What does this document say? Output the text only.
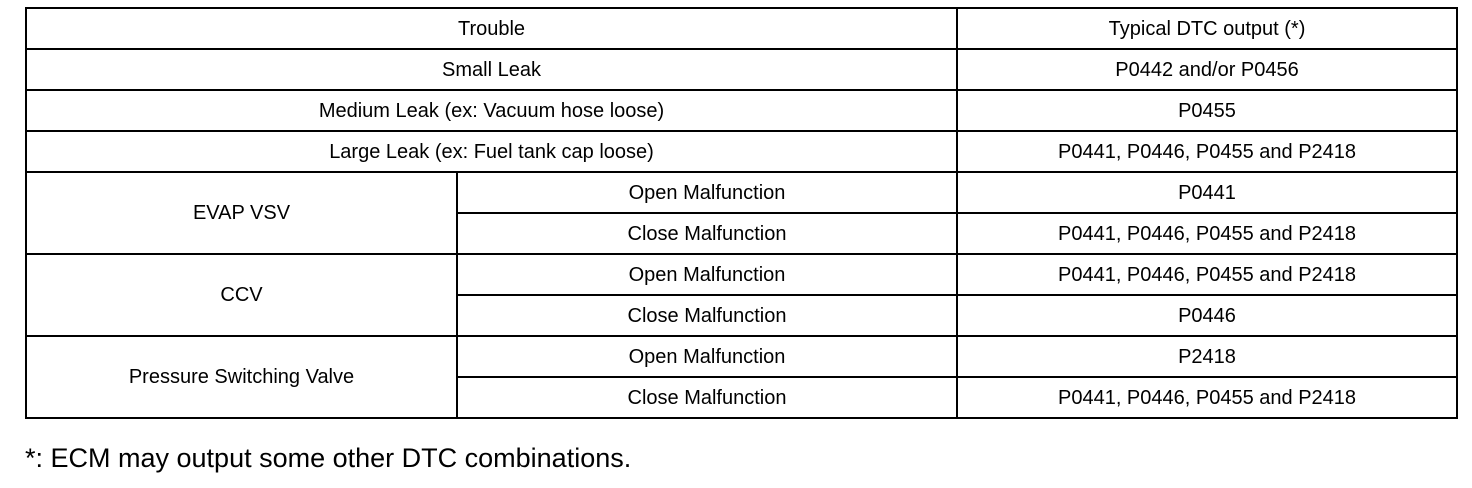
Trouble		Typical DTC output (*)
Small Leak		P0442 and/or P0456
Medium Leak (ex: Vacuum hose loose)		P0455
Large Leak (ex: Fuel tank cap loose)		P0441, P0446, P0455 and P2418
EVAP VSV	Open Malfunction	P0441
	Close Malfunction	P0441, P0446, P0455 and P2418
CCV	Open Malfunction	P0441, P0446, P0455 and P2418
	Close Malfunction	P0446
Pressure Switching Valve	Open Malfunction	P2418
	Close Malfunction	P0441, P0446, P0455 and P2418
*: ECM may output some other DTC combinations.
